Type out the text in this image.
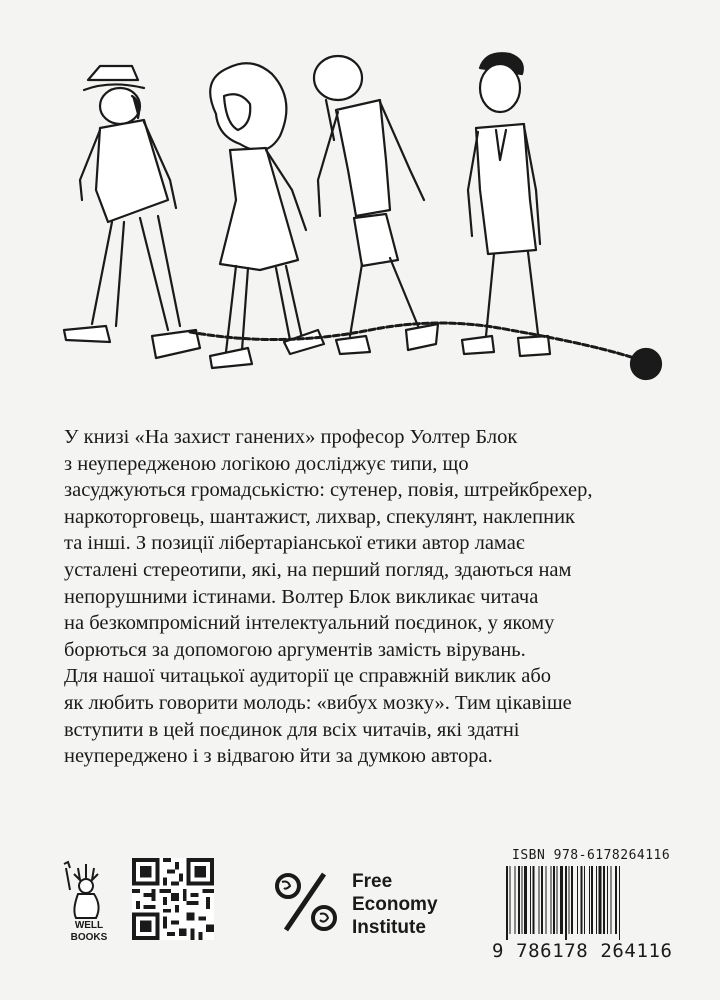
У книзі «На захист ганених» професор Уолтер Блок
з неупередженою логікою досліджує типи, що
засуджуються громадськістю: сутенер, повія, штрейкбрехер,
наркоторговець, шантажист, лихвар, спекулянт, наклепник
та інші. З позиції лібертаріанської етики автор ламає
усталені стереотипи, які, на перший погляд, здаються нам
непорушними істинами. Волтер Блок викликає читача
на безкомпромісний інтелектуальний поєдинок, у якому
борються за допомогою аргументів замість вірувань.
Для нашої читацької аудиторії це справжній виклик або
як любить говорити молодь: «вибух мозку». Тим цікавіше
вступити в цей поєдинок для всіх читачів, які здатні
неупереджено і з відвагою йти за думкою автора.

WELL
BOOKS
Free
Economy
Institute
ISBN 978-6178264116
9 786178 264116
